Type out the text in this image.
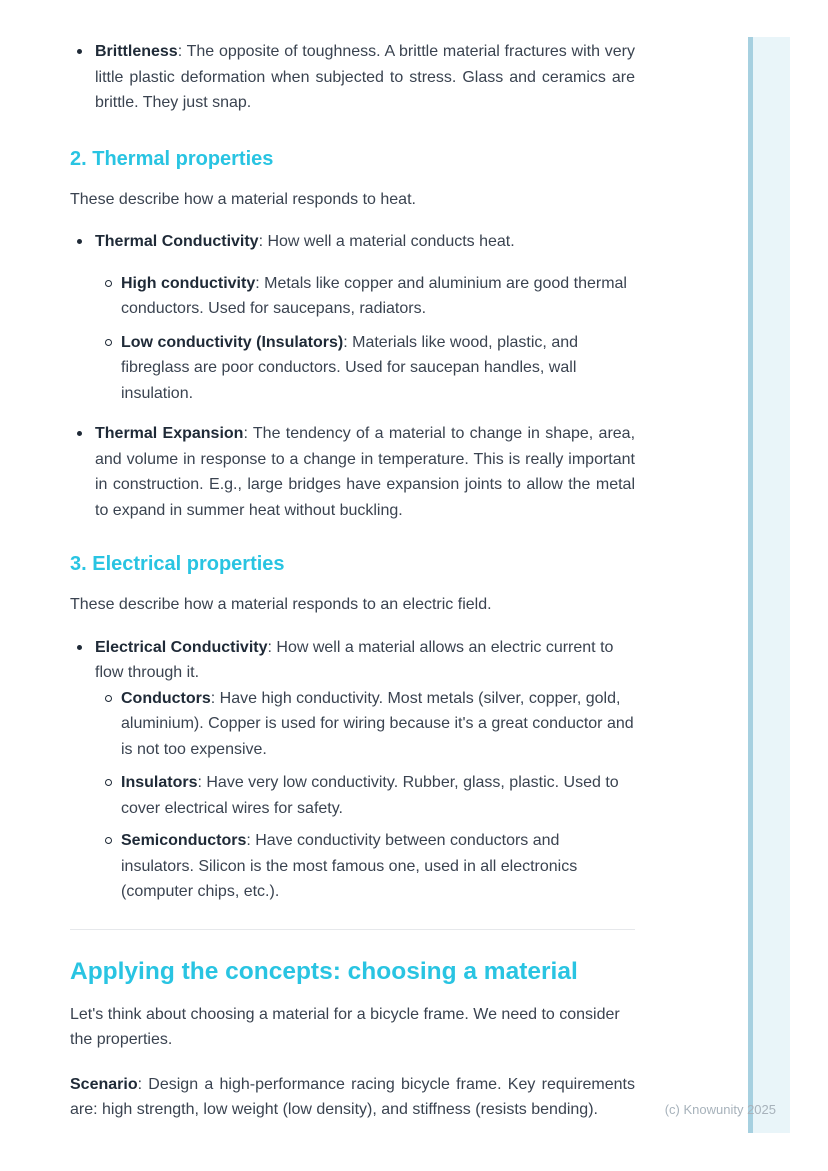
(c) Knowunity 2025
Brittleness: The opposite of toughness. A brittle material fractures with very little plastic deformation when subjected to stress. Glass and ceramics are brittle. They just snap.
2. Thermal properties

These describe how a material responds to heat.

Thermal Conductivity: How well a material conducts heat.
High conductivity: Metals like copper and aluminium are good thermal conductors. Used for saucepans, radiators.
Low conductivity (Insulators): Materials like wood, plastic, and fibreglass are poor conductors. Used for saucepan handles, wall insulation.
Thermal Expansion: The tendency of a material to change in shape, area, and volume in response to a change in temperature. This is really important in construction. E.g., large bridges have expansion joints to allow the metal to expand in summer heat without buckling.
3. Electrical properties

These describe how a material responds to an electric field.

Electrical Conductivity: How well a material allows an electric current to flow through it.
Conductors: Have high conductivity. Most metals (silver, copper, gold, aluminium). Copper is used for wiring because it's a great conductor and is not too expensive.
Insulators: Have very low conductivity. Rubber, glass, plastic. Used to cover electrical wires for safety.
Semiconductors: Have conductivity between conductors and insulators. Silicon is the most famous one, used in all electronics (computer chips, etc.).
Applying the concepts: choosing a material

Let's think about choosing a material for a bicycle frame. We need to consider the properties.

Scenario: Design a high-performance racing bicycle frame. Key requirements are: high strength, low weight (low density), and stiffness (resists bending).
